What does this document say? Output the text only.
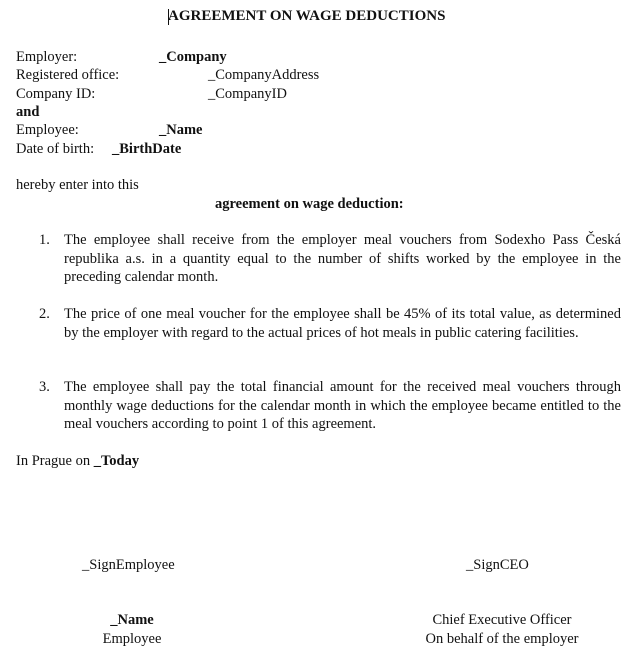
AGREEMENT ON WAGE DEDUCTIONS
Employer:	_Company
Registered office:	_CompanyAddress
Company ID:	_CompanyID
and
Employee:	_Name
Date of birth: _BirthDate
hereby enter into this
agreement on wage deduction:
1. The employee shall receive from the employer meal vouchers from Sodexho Pass Česká republika a.s. in a quantity equal to the number of shifts worked by the employee in the preceding calendar month.
2. The price of one meal voucher for the employee shall be 45% of its total value, as determined by the employer with regard to the actual prices of hot meals in public catering facilities.
3. The employee shall pay the total financial amount for the received meal vouchers through monthly wage deductions for the calendar month in which the employee became entitled to the meal vouchers according to point 1 of this agreement.
In Prague on _Today
_SignEmployee	_SignCEO
_Name
Employee
Chief Executive Officer
On behalf of the employer
